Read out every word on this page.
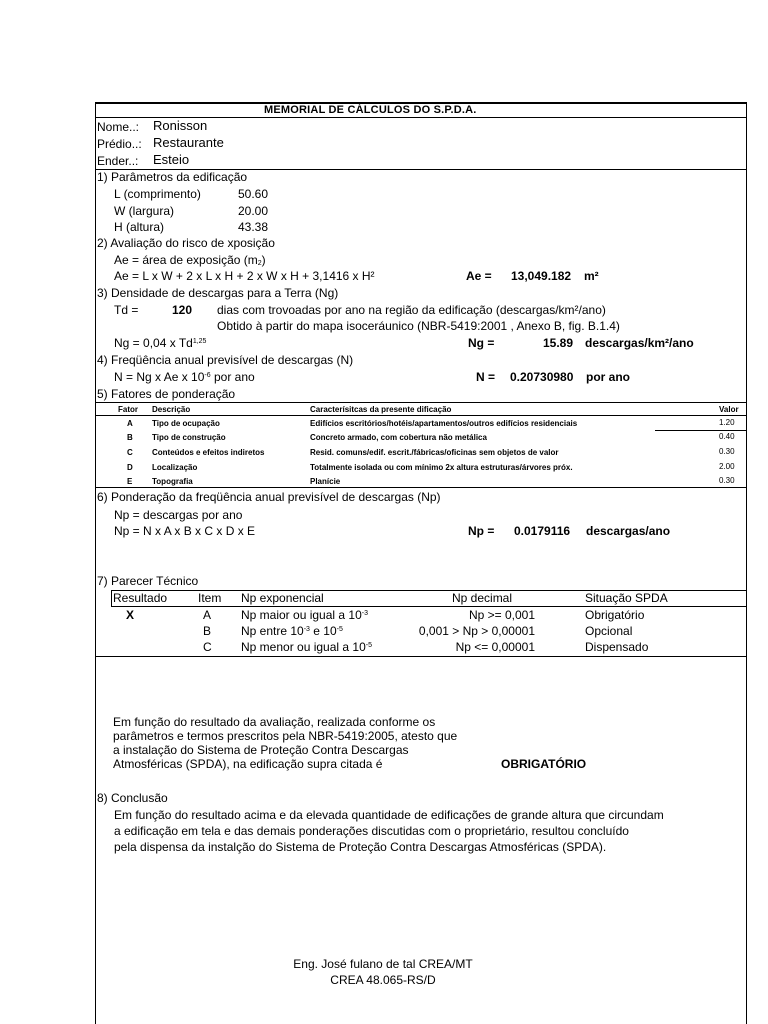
MEMORIAL DE CÁLCULOS DO S.P.D.A.
Nome..: Ronisson
Prédio..: Restaurante
Ender..: Esteio
1) Parâmetros da edificação
L (comprimento)	50.60
W (largura)	20.00
H (altura)	43.38
2) Avaliação do risco de xposição
Ae = área de exposição $(m_2)$
Ae = L x W + 2 x L x H + 2 x W x H + 3,1416 x H²	Ae = 13,049.182 m²
3) Densidade de descargas para a Terra (Ng)
Td =	120 dias com trovoadas por ano na região da edificação (descargas/km²/ano)
Obtido à partir do mapa isoceráunico (NBR-5419:2001 , Anexo B, fig. B.1.4)
Ng = 0,04 x Td$^{1,25}$	Ng =	15.89 descargas/km²/ano
4) Freqüência anual previsível de descargas (N)
N = Ng x Ae x $10^{-6}$ por ano	N = 0.20730980 por ano
5) Fatores de ponderação
Fator Descrição	Caracterísitcas da presente dificação	Valor
A Tipo de ocupação	Edifícios escritórios/hotéis/apartamentos/outros edifícios residenciais	1.20
B Tipo de construção	Concreto armado, com cobertura não metálica	0.40
C Conteúdos e efeitos indiretos	Resid. comuns/edif. escrit./fábricas/oficinas sem objetos de valor	0.30
D Localização	Totalmente isolada ou com mínimo 2x altura estruturas/árvores próx.	2.00
E Topografia	Planície	0.30
6) Ponderação da freqüência anual previsível de descargas (Np)
Np = descargas por ano
Np = N x A x B x C x D x E	Np = 0.0179116 descargas/ano
7) Parecer Técnico
Resultado	Item Np exponencial	Np decimal	Situação SPDA
X	A Np maior ou igual a $10^{-3}$	Np >= 0,001	Obrigatório
B Np entre $10^{-3}$ e $10^{-5}$	0,001 > Np > 0,00001	Opcional
C Np menor ou igual a $10^{-5}$	Np <= 0,00001	Dispensado
Em função do resultado da avaliação, realizada conforme os
parâmetros e termos prescritos pela NBR-5419:2005, atesto que
a instalação do Sistema de Proteção Contra Descargas
Atmosféricas (SPDA), na edificação supra citada é	OBRIGATÓRIO
8) Conclusão
Em função do resultado acima e da elevada quantidade de edificações de grande altura que circundam
a edificação em tela e das demais ponderações discutidas com o proprietário, resultou concluído
pela dispensa da instalção do Sistema de Proteção Contra Descargas Atmosféricas (SPDA).
Eng. José fulano de tal CREA/MT
CREA 48.065-RS/D
